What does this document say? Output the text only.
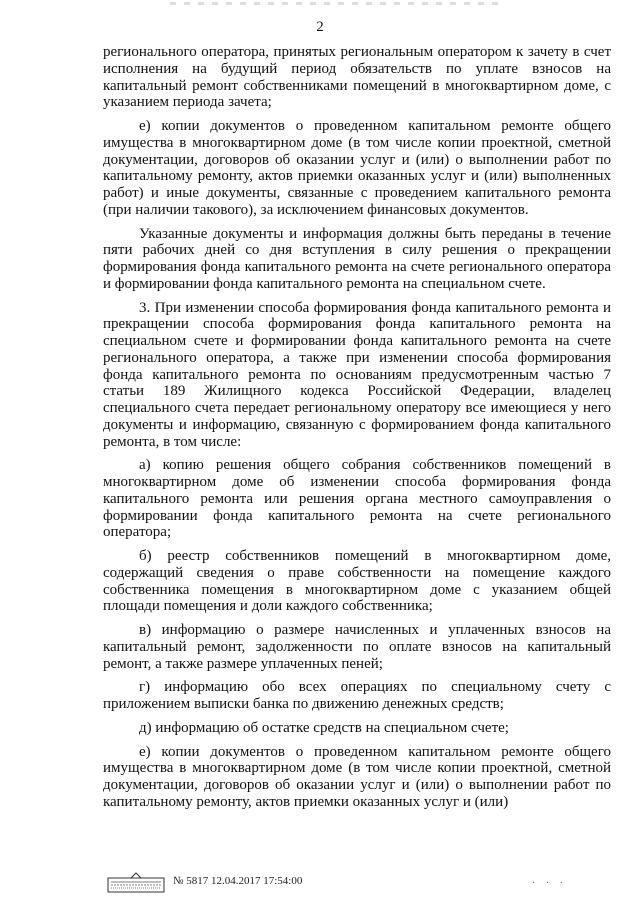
2

регионального оператора, принятых региональным оператором к зачету в счет исполнения на будущий период обязательств по уплате взносов на капитальный ремонт собственниками помещений в многоквартирном доме, с указанием периода зачета;

е) копии документов о проведенном капитальном ремонте общего имущества в многоквартирном доме (в том числе копии проектной, сметной документации, договоров об оказании услуг и (или) о выполнении работ по капитальному ремонту, актов приемки оказанных услуг и (или) выполненных работ) и иные документы, связанные с проведением капитального ремонта (при наличии такового), за исключением финансовых документов.

Указанные документы и информация должны быть переданы в течение пяти рабочих дней со дня вступления в силу решения о прекращении формирования фонда капитального ремонта на счете регионального оператора и формировании фонда капитального ремонта на специальном счете.

3. При изменении способа формирования фонда капитального ремонта и прекращении способа формирования фонда капитального ремонта на специальном счете и формировании фонда капитального ремонта на счете регионального оператора, а также при изменении способа формирования фонда капитального ремонта по основаниям предусмотренным частью 7 статьи 189 Жилищного кодекса Российской Федерации, владелец специального счета передает региональному оператору все имеющиеся у него документы и информацию, связанную с формированием фонда капитального ремонта, в том числе:

а) копию решения общего собрания собственников помещений в многоквартирном доме об изменении способа формирования фонда капитального ремонта или решения органа местного самоуправления о формировании фонда капитального ремонта на счете регионального оператора;

б) реестр собственников помещений в многоквартирном доме, содержащий сведения о праве собственности на помещение каждого собственника помещения в многоквартирном доме с указанием общей площади помещения и доли каждого собственника;

в) информацию о размере начисленных и уплаченных взносов на капитальный ремонт, задолженности по оплате взносов на капитальный ремонт, а также размере уплаченных пеней;

г) информацию обо всех операциях по специальному счету с приложением выписки банка по движению денежных средств;

д) информацию об остатке средств на специальном счете;

е) копии документов о проведенном капитальном ремонте общего имущества в многоквартирном доме (в том числе копии проектной, сметной документации, договоров об оказании услуг и (или) о выполнении работ по капитальному ремонту, актов приемки оказанных услуг и (или)

№ 5817 12.04.2017 17:54:00	· · ·
